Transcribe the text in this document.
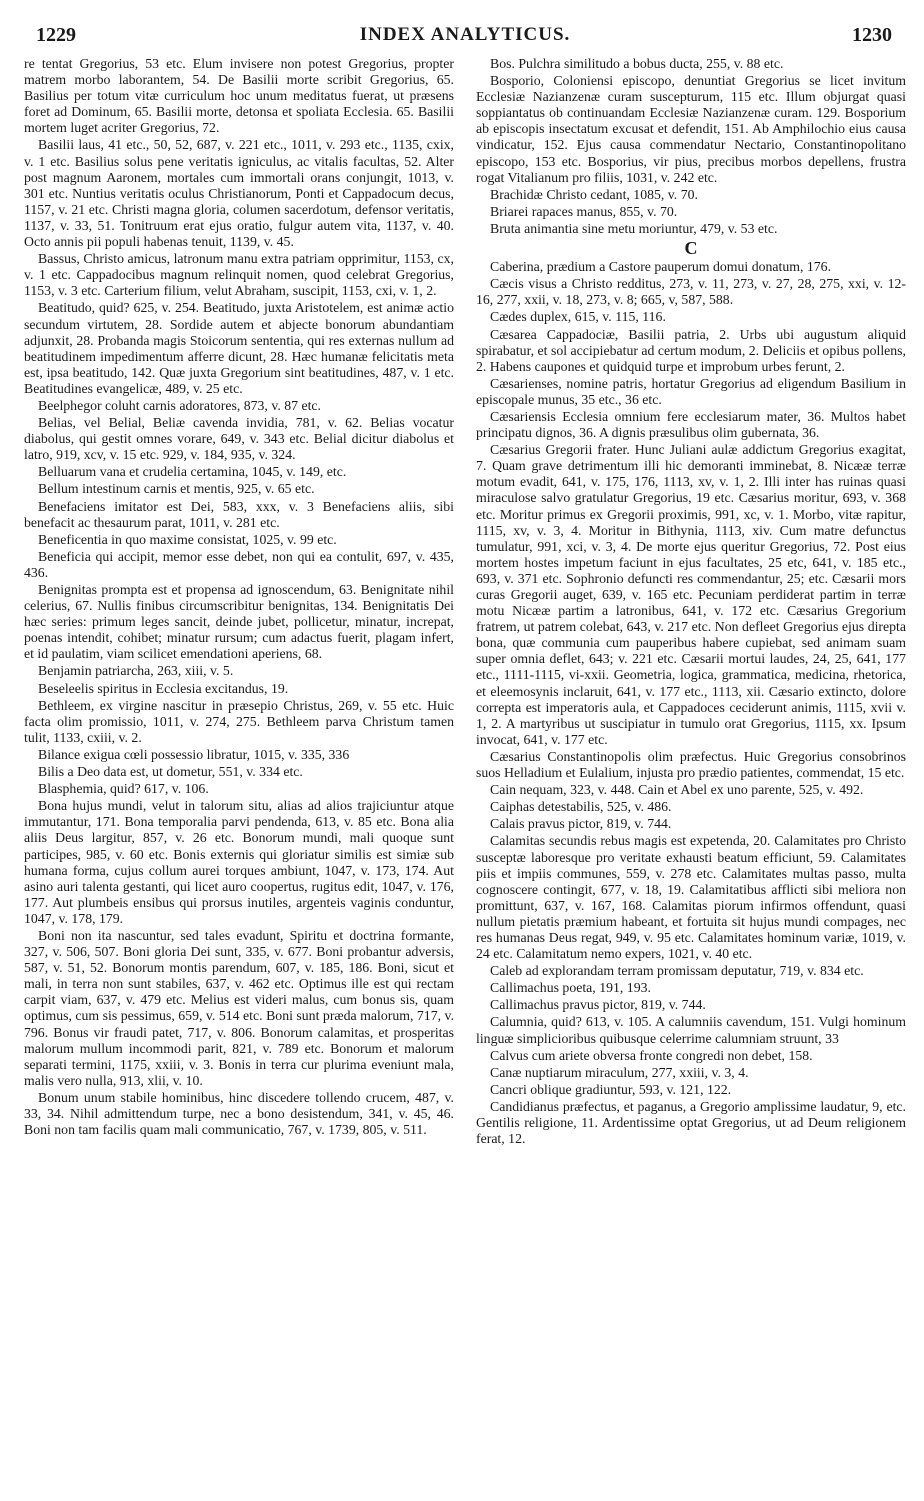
1229	INDEX ANALYTICUS.	1230

re tentat Gregorius, 53 etc. Elum invisere non potest Gregorius, propter matrem morbo laborantem, 54. De Basilii morte scribit Gregorius, 65. Basilius per totum vitæ curriculum hoc unum meditatus fuerat, ut præsens foret ad Dominum, 65. Basilii morte, detonsa et spoliata Ecclesia. 65. Basilii mortem luget acriter Gregorius, 72.

Basilii laus, 41 etc., 50, 52, 687, v. 221 etc., 1011, v. 293 etc., 1135, cxix, v. 1 etc. Basilius solus pene veritatis igniculus, ac vitalis facultas, 52. Alter post magnum Aaronem, mortales cum immortali orans conjungit, 1013, v. 301 etc. Nuntius veritatis oculus Christianorum, Ponti et Cappadocum decus, 1157, v. 21 etc. Christi magna gloria, columen sacerdotum, defensor veritatis, 1137, v. 33, 51. Tonitruum erat ejus oratio, fulgur autem vita, 1137, v. 40. Octo annis pii populi habenas tenuit, 1139, v. 45.

Bassus, Christo amicus, latronum manu extra patriam opprimitur, 1153, cx, v. 1 etc. Cappadocibus magnum relinquit nomen, quod celebrat Gregorius, 1153, v. 3 etc. Carterium filium, velut Abraham, suscipit, 1153, cxi, v. 1, 2.

Beatitudo, quid? 625, v. 254. Beatitudo, juxta Aristotelem, est animæ actio secundum virtutem, 28. Sordide autem et abjecte bonorum abundantiam adjunxit, 28. Probanda magis Stoicorum sententia, qui res externas nullum ad beatitudinem impedimentum afferre dicunt, 28. Hæc humanæ felicitatis meta est, ipsa beatitudo, 142. Quæ juxta Gregorium sint beatitudines, 487, v. 1 etc. Beatitudines evangelicæ, 489, v. 25 etc.

Beelphegor coluht carnis adoratores, 873, v. 87 etc.

Belias, vel Belial, Beliæ cavenda invidia, 781, v. 62. Belias vocatur diabolus, qui gestit omnes vorare, 649, v. 343 etc. Belial dicitur diabolus et latro, 919, xcv, v. 15 etc. 929, v. 184, 935, v. 324.

Belluarum vana et crudelia certamina, 1045, v. 149, etc.

Bellum intestinum carnis et mentis, 925, v. 65 etc.

Benefaciens imitator est Dei, 583, xxx, v. 3 Benefaciens aliis, sibi benefacit ac thesaurum parat, 1011, v. 281 etc.

Beneficentia in quo maxime consistat, 1025, v. 99 etc.

Beneficia qui accipit, memor esse debet, non qui ea contulit, 697, v. 435, 436.

Benignitas prompta est et propensa ad ignoscendum, 63. Benignitate nihil celerius, 67. Nullis finibus circumscribitur benignitas, 134. Benignitatis Dei hæc series: primum leges sancit, deinde jubet, pollicetur, minatur, increpat, poenas intendit, cohibet; minatur rursum; cum adactus fuerit, plagam infert, et id paulatim, viam scilicet emendationi aperiens, 68.

Benjamin patriarcha, 263, xiii, v. 5.

Beseleelis spiritus in Ecclesia excitandus, 19.

Bethleem, ex virgine nascitur in præsepio Christus, 269, v. 55 etc. Huic facta olim promissio, 1011, v. 274, 275. Bethleem parva Christum tamen tulit, 1133, cxiii, v. 2.

Bilance exigua cœli possessio libratur, 1015, v. 335, 336

Bilis a Deo data est, ut dometur, 551, v. 334 etc.

Blasphemia, quid? 617, v. 106.

Bona hujus mundi, velut in talorum situ, alias ad alios trajiciuntur atque immutantur, 171. Bona temporalia parvi pendenda, 613, v. 85 etc. Bona alia aliis Deus largitur, 857, v. 26 etc. Bonorum mundi, mali quoque sunt participes, 985, v. 60 etc. Bonis externis qui gloriatur similis est simiæ sub humana forma, cujus collum aurei torques ambiunt, 1047, v. 173, 174. Aut asino auri talenta gestanti, qui licet auro coopertus, rugitus edit, 1047, v. 176, 177. Aut plumbeis ensibus qui prorsus inutiles, argenteis vaginis conduntur, 1047, v. 178, 179.

Boni non ita nascuntur, sed tales evadunt, Spiritu et doctrina formante, 327, v. 506, 507. Boni gloria Dei sunt, 335, v. 677. Boni probantur adversis, 587, v. 51, 52. Bonorum montis parendum, 607, v. 185, 186. Boni, sicut et mali, in terra non sunt stabiles, 637, v. 462 etc. Optimus ille est qui rectam carpit viam, 637, v. 479 etc. Melius est videri malus, cum bonus sis, quam optimus, cum sis pessimus, 659, v. 514 etc. Boni sunt præda malorum, 717, v. 796. Bonus vir fraudi patet, 717, v. 806. Bonorum calamitas, et prosperitas malorum mullum incommodi parit, 821, v. 789 etc. Bonorum et malorum separati termini, 1175, xxiii, v. 3. Bonis in terra cur plurima eveniunt mala, malis vero nulla, 913, xlii, v. 10.

Bonum unum stabile hominibus, hinc discedere tollendo crucem, 487, v. 33, 34. Nihil admittendum turpe, nec a bono desistendum, 341, v. 45, 46. Boni non tam facilis quam mali communicatio, 767, v. 1739, 805, v. 511.

Bos. Pulchra similitudo a bobus ducta, 255, v. 88 etc.

Bosporio, Coloniensi episcopo, denuntiat Gregorius se licet invitum Ecclesiæ Nazianzenæ curam suscepturum, 115 etc. Illum objurgat quasi soppiantatus ob continuandam Ecclesiæ Nazianzenæ curam. 129. Bosporium ab episcopis insectatum excusat et defendit, 151. Ab Amphilochio eius causa vindicatur, 152. Ejus causa commendatur Nectario, Constantinopolitano episcopo, 153 etc. Bosporius, vir pius, precibus morbos depellens, frustra rogat Vitalianum pro filiis, 1031, v. 242 etc.

Brachidæ Christo cedant, 1085, v. 70.

Briarei rapaces manus, 855, v. 70.

Bruta animantia sine metu moriuntur, 479, v. 53 etc.

C

Caberina, prædium a Castore pauperum domui donatum, 176.

Cæcis visus a Christo redditus, 273, v. 11, 273, v. 27, 28, 275, xxi, v. 12-16, 277, xxii, v. 18, 273, v. 8; 665, v, 587, 588.

Cædes duplex, 615, v. 115, 116.

Cæsarea Cappadociæ, Basilii patria, 2. Urbs ubi augustum aliquid spirabatur, et sol accipiebatur ad certum modum, 2. Deliciis et opibus pollens, 2. Habens caupones et quidquid turpe et improbum urbes ferunt, 2.

Cæsarienses, nomine patris, hortatur Gregorius ad eligendum Basilium in episcopale munus, 35 etc., 36 etc.

Cæsariensis Ecclesia omnium fere ecclesiarum mater, 36. Multos habet principatu dignos, 36. A dignis præsulibus olim gubernata, 36.

Cæsarius Gregorii frater. Hunc Juliani aulæ addictum Gregorius exagitat, 7. Quam grave detrimentum illi hic demoranti imminebat, 8. Nicææ terræ motum evadit, 641, v. 175, 176, 1113, xv, v. 1, 2. Illi inter has ruinas quasi miraculose salvo gratulatur Gregorius, 19 etc. Cæsarius moritur, 693, v. 368 etc. Moritur primus ex Gregorii proximis, 991, xc, v. 1. Morbo, vitæ rapitur, 1115, xv, v. 3, 4. Moritur in Bithynia, 1113, xiv. Cum matre defunctus tumulatur, 991, xci, v. 3, 4. De morte ejus queritur Gregorius, 72. Post eius mortem hostes impetum faciunt in ejus facultates, 25 etc, 641, v. 185 etc., 693, v. 371 etc. Sophronio defuncti res commendantur, 25; etc. Cæsarii mors curas Gregorii auget, 639, v. 165 etc. Pecuniam perdiderat partim in terræ motu Nicææ partim a latronibus, 641, v. 172 etc. Cæsarius Gregorium fratrem, ut patrem colebat, 643, v. 217 etc. Non defleet Gregorius ejus direpta bona, quæ communia cum pauperibus habere cupiebat, sed animam suam super omnia deflet, 643; v. 221 etc. Cæsarii mortui laudes, 24, 25, 641, 177 etc., 1111-1115, vi-xxii. Geometria, logica, grammatica, medicina, rhetorica, et eleemosynis inclaruit, 641, v. 177 etc., 1113, xii. Cæsario extincto, dolore correpta est imperatoris aula, et Cappadoces ceciderunt animis, 1115, xvii v. 1, 2. A martyribus ut suscipiatur in tumulo orat Gregorius, 1115, xx. Ipsum invocat, 641, v. 177 etc.

Cæsarius Constantinopolis olim præfectus. Huic Gregorius consobrinos suos Helladium et Eulalium, injusta pro prædio patientes, commendat, 15 etc.

Cain nequam, 323, v. 448. Cain et Abel ex uno parente, 525, v. 492.

Caiphas detestabilis, 525, v. 486.

Calais pravus pictor, 819, v. 744.

Calamitas secundis rebus magis est expetenda, 20. Calamitates pro Christo susceptæ laboresque pro veritate exhausti beatum efficiunt, 59. Calamitates piis et impiis communes, 559, v. 278 etc. Calamitates multas passo, multa cognoscere contingit, 677, v. 18, 19. Calamitatibus afflicti sibi meliora non promittunt, 637, v. 167, 168. Calamitas piorum infirmos offendunt, quasi nullum pietatis præmium habeant, et fortuita sit hujus mundi compages, nec res humanas Deus regat, 949, v. 95 etc. Calamitates hominum variæ, 1019, v. 24 etc. Calamitatum nemo expers, 1021, v. 40 etc.

Caleb ad explorandam terram promissam deputatur, 719, v. 834 etc.

Callimachus poeta, 191, 193.

Callimachus pravus pictor, 819, v. 744.

Calumnia, quid? 613, v. 105. A calumniis cavendum, 151. Vulgi hominum linguæ simplicioribus quibusque celerrime calumniam struunt, 33

Calvus cum ariete obversa fronte congredi non debet, 158.

Canæ nuptiarum miraculum, 277, xxiii, v. 3, 4.

Cancri oblique gradiuntur, 593, v. 121, 122.

Candidianus præfectus, et paganus, a Gregorio amplissime laudatur, 9, etc. Gentilis religione, 11. Ardentissime optat Gregorius, ut ad Deum religionem ferat, 12.
